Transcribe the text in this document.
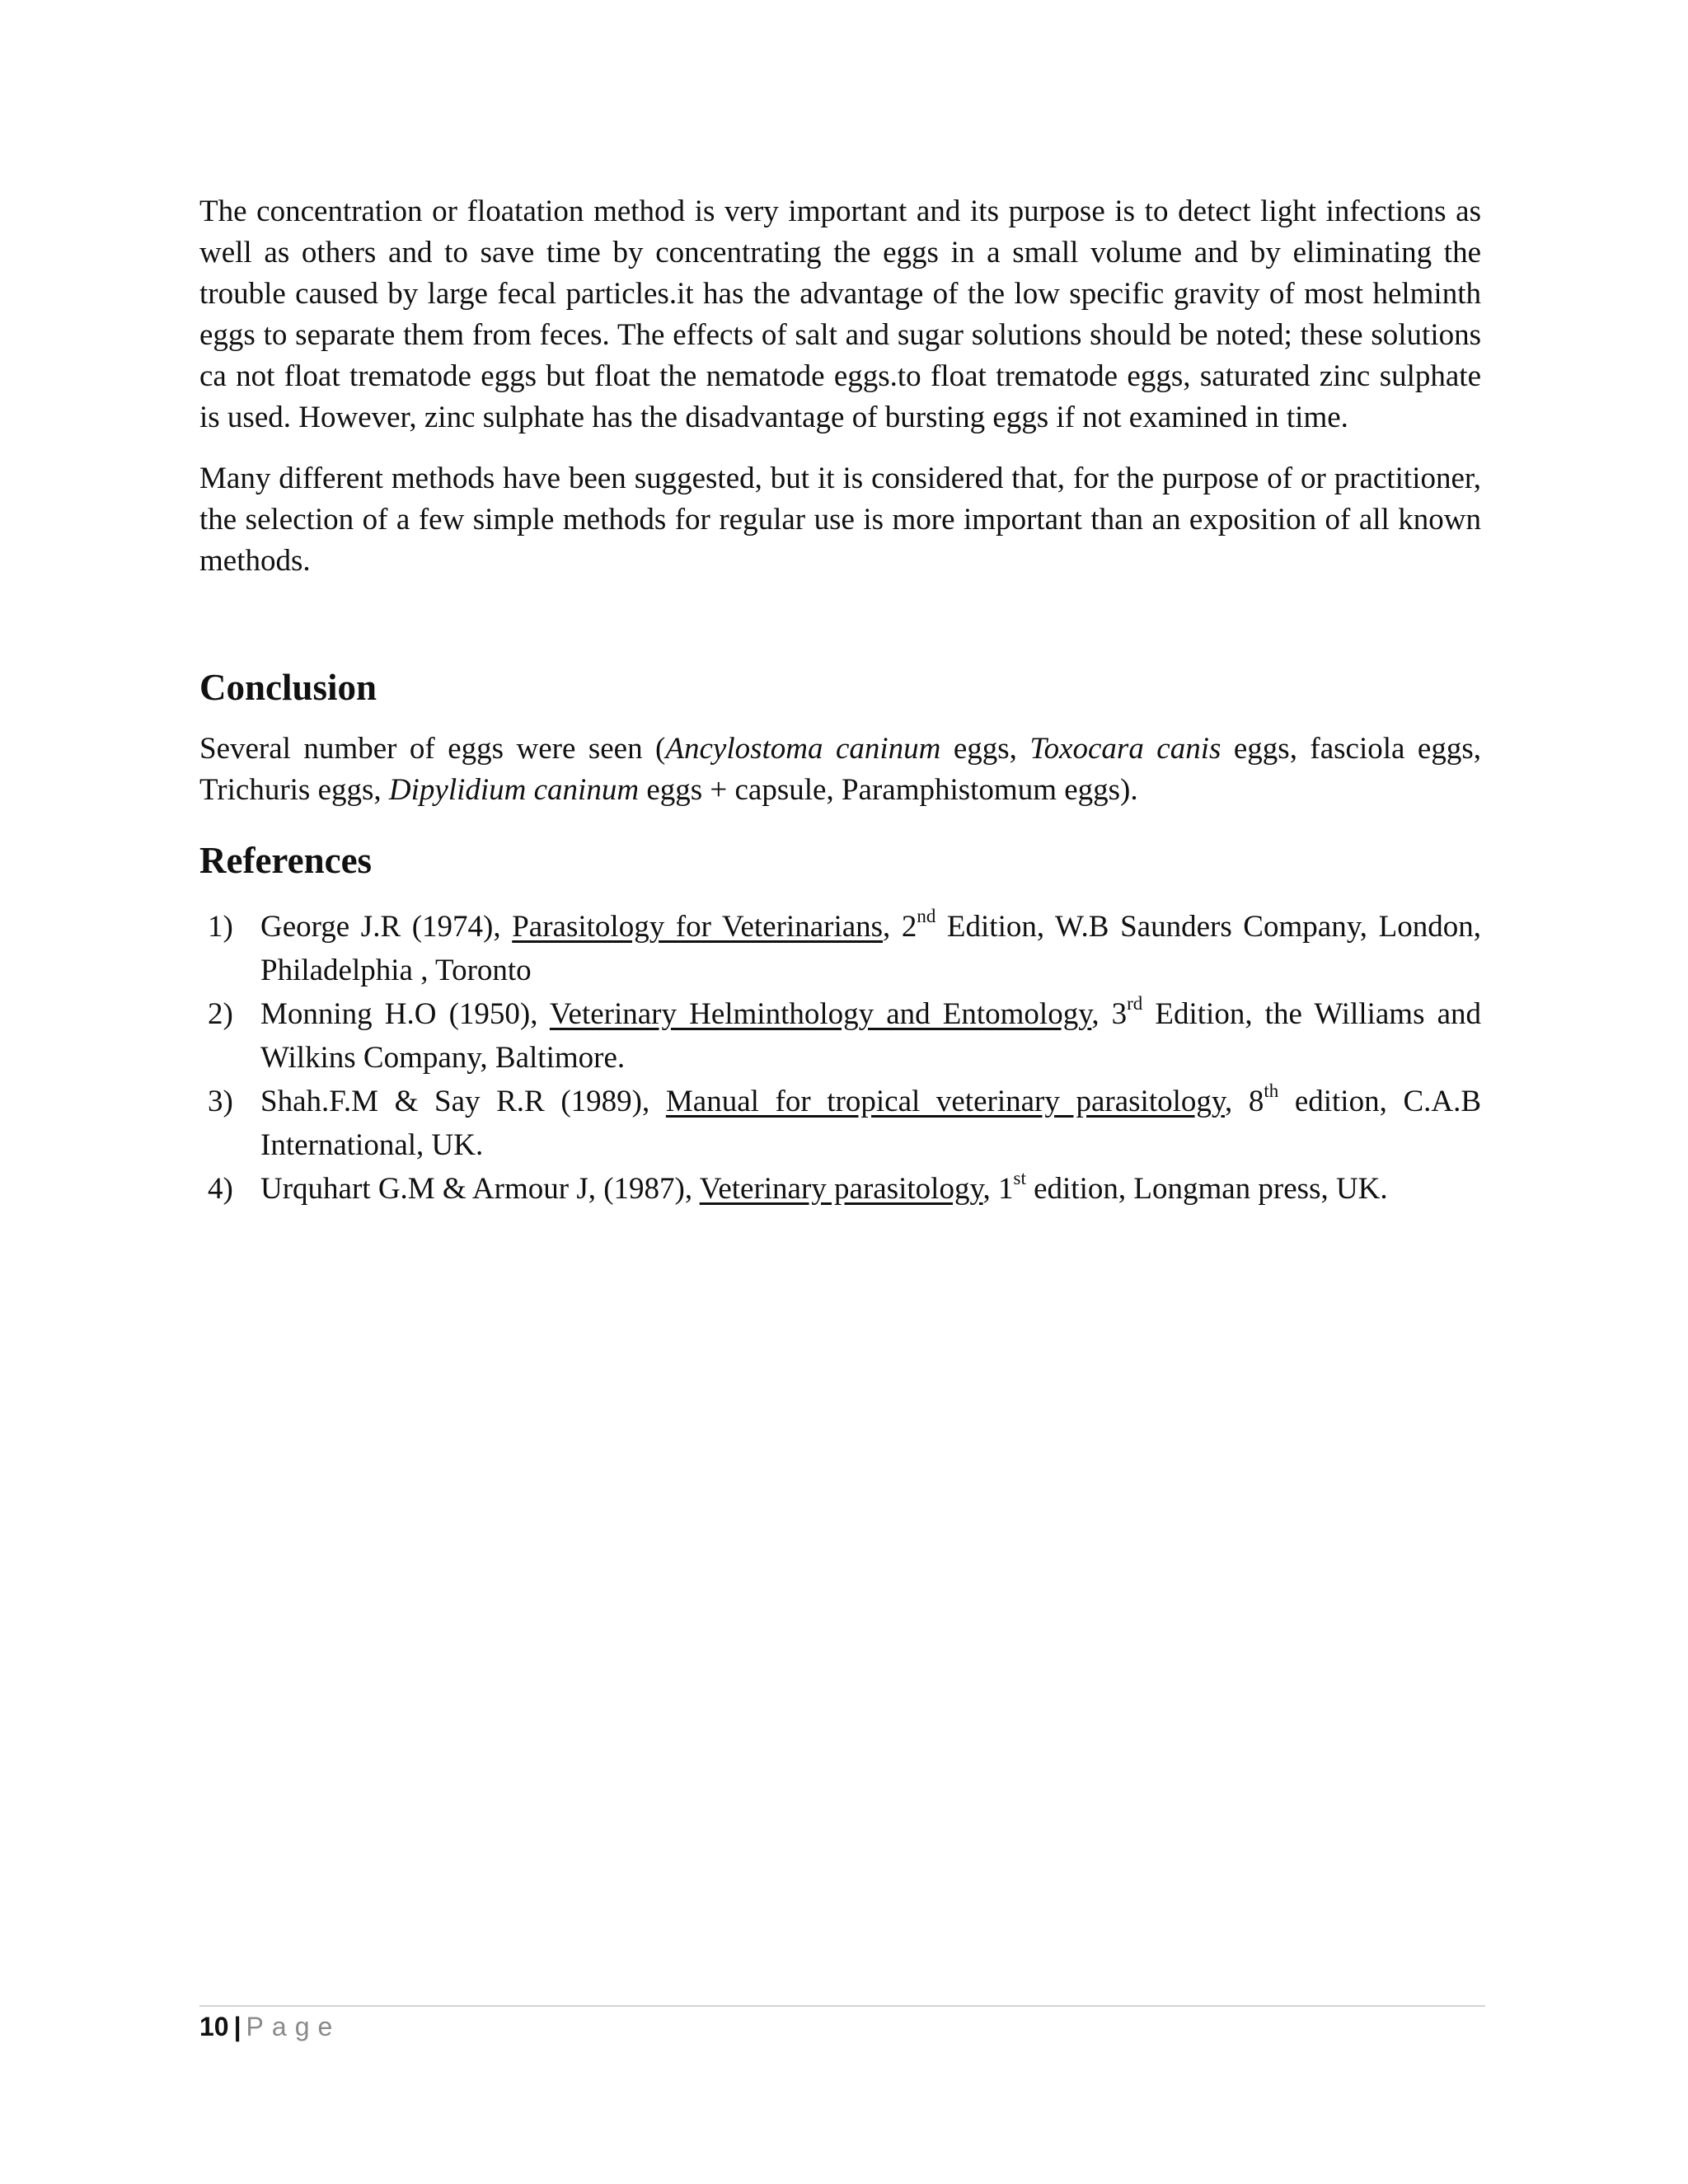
The concentration or floatation method is very important and its purpose is to detect light infections as well as others and to save time by concentrating the eggs in a small volume and by eliminating the trouble caused by large fecal particles.it has the advantage of the low specific gravity of most helminth eggs to separate them from feces. The effects of salt and sugar solutions should be noted; these solutions ca not float trematode eggs but float the nematode eggs.to float trematode eggs, saturated zinc sulphate is used. However, zinc sulphate has the disadvantage of bursting eggs if not examined in time.

Many different methods have been suggested, but it is considered that, for the purpose of or practitioner, the selection of a few simple methods for regular use is more important than an exposition of all known methods.

Conclusion

Several number of eggs were seen (Ancylostoma caninum eggs, Toxocara canis eggs, fasciola eggs, Trichuris eggs, Dipylidium caninum eggs + capsule, Paramphistomum eggs).

References
1) George J.R (1974), Parasitology for Veterinarians, 2nd Edition, W.B Saunders Company, London, Philadelphia , Toronto
2) Monning H.O (1950), Veterinary Helminthology and Entomology, 3rd Edition, the Williams and Wilkins Company, Baltimore.
3) Shah.F.M & Say R.R (1989), Manual for tropical veterinary parasitology, 8th edition, C.A.B International, UK.
4) Urquhart G.M & Armour J, (1987), Veterinary parasitology, 1st edition, Longman press, UK.
10 | Page
